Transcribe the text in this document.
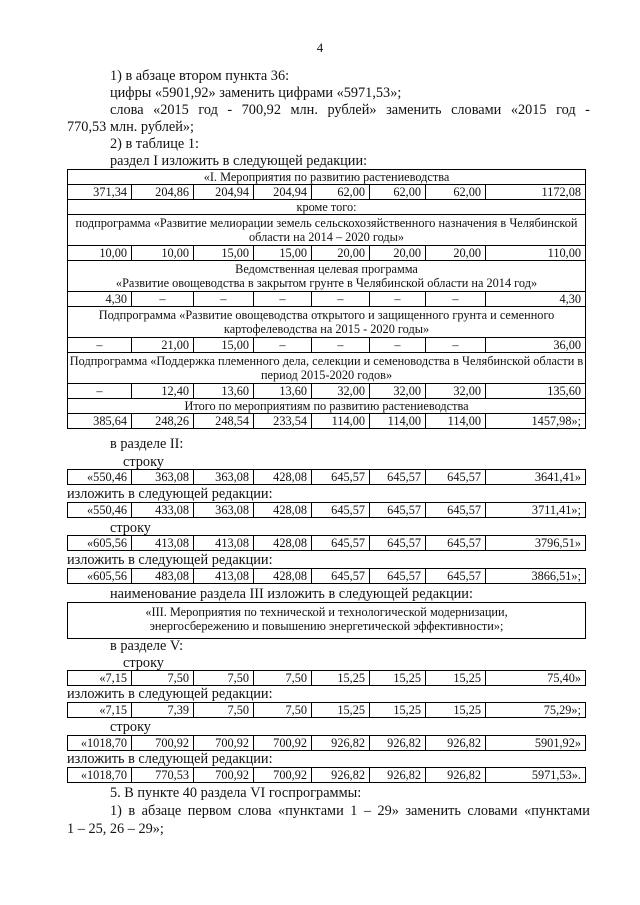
4
1) в абзаце втором пункта 36:
цифры «5901,92» заменить цифрами «5971,53»;
слова «2015 год - 700,92 млн. рублей» заменить словами «2015 год -
770,53 млн. рублей»;
2) в таблице 1:
раздел I изложить в следующей редакции:
«I. Мероприятия по развитию растениеводства							
371,34	204,86	204,94	204,94	62,00	62,00	62,00	1172,08
кроме того:							
подпрограмма «Развитие мелиорации земель сельскохозяйственного назначения в Челябинской области на 2014 – 2020 годы»							
10,00	10,00	15,00	15,00	20,00	20,00	20,00	110,00

Ведомственная целевая программа
«Развитие овощеводства в закрытом грунте в Челябинской области на 2014 год»							

4,30	–	–	–	–	–	–	4,30
Подпрограмма «Развитие овощеводства открытого и защищенного грунта и семенного картофелеводства на 2015 - 2020 годы»							
–	21,00	15,00	–	–	–	–	36,00
Подпрограмма «Поддержка племенного дела, селекции и семеноводства в Челябинской области в период 2015-2020 годов»							
–	12,40	13,60	13,60	32,00	32,00	32,00	135,60
Итого по мероприятиям по развитию растениеводства							
385,64	248,26	248,54	233,54	114,00	114,00	114,00	1457,98»;
в разделе II:
строку
«550,46	363,08	363,08	428,08	645,57	645,57	645,57	3641,41»
изложить в следующей редакции:
«550,46	433,08	363,08	428,08	645,57	645,57	645,57	3711,41»;
строку
«605,56	413,08	413,08	428,08	645,57	645,57	645,57	3796,51»
изложить в следующей редакции:
«605,56	483,08	413,08	428,08	645,57	645,57	645,57	3866,51»;
наименование раздела III изложить в следующей редакции:
«III. Мероприятия по технической и технологической модернизации,
энергосбережению и повышению энергетической эффективности»;
в разделе V:
строку
«7,15	7,50	7,50	7,50	15,25	15,25	15,25	75,40»
изложить в следующей редакции:
«7,15	7,39	7,50	7,50	15,25	15,25	15,25	75,29»;
строку
«1018,70	700,92	700,92	700,92	926,82	926,82	926,82	5901,92»
изложить в следующей редакции:
«1018,70	770,53	700,92	700,92	926,82	926,82	926,82	5971,53».
5. В пункте 40 раздела VI госпрограммы:
1) в абзаце первом слова «пунктами 1 – 29» заменить словами «пунктами
1 – 25, 26 – 29»;
